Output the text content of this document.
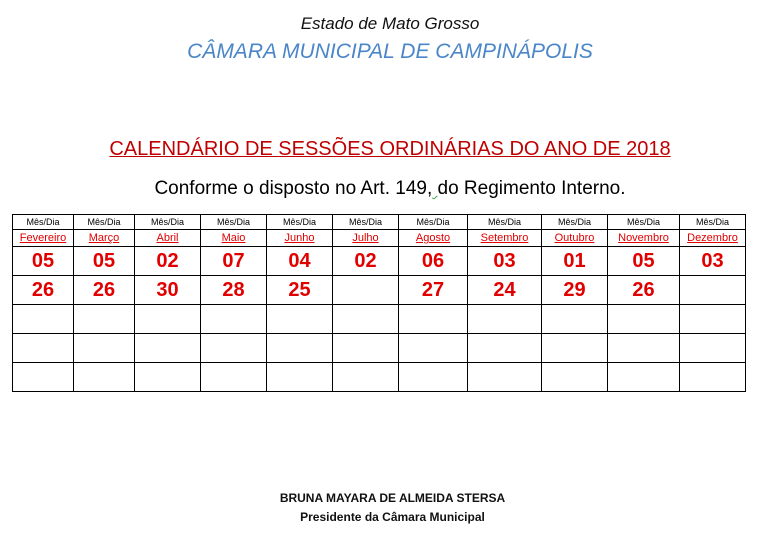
Estado de Mato Grosso
CÂMARA MUNICIPAL DE CAMPINÁPOLIS
CALENDÁRIO DE SESSÕES ORDINÁRIAS DO ANO DE 2018
Conforme o disposto no Art. 149, do Regimento Interno.
Mês/Dia	Mês/Dia	Mês/Dia	Mês/Dia	Mês/Dia	Mês/Dia	Mês/Dia	Mês/Dia	Mês/Dia	Mês/Dia	Mês/Dia
Fevereiro	Março	Abril	Maio	Junho	Julho	Agosto	Setembro	Outubro	Novembro	Dezembro
05	05	02	07	04	02	06	03	01	05	03
26	26	30	28	25		27	24	29	26	

BRUNA MAYARA DE ALMEIDA STERSA
Presidente da Câmara Municipal
